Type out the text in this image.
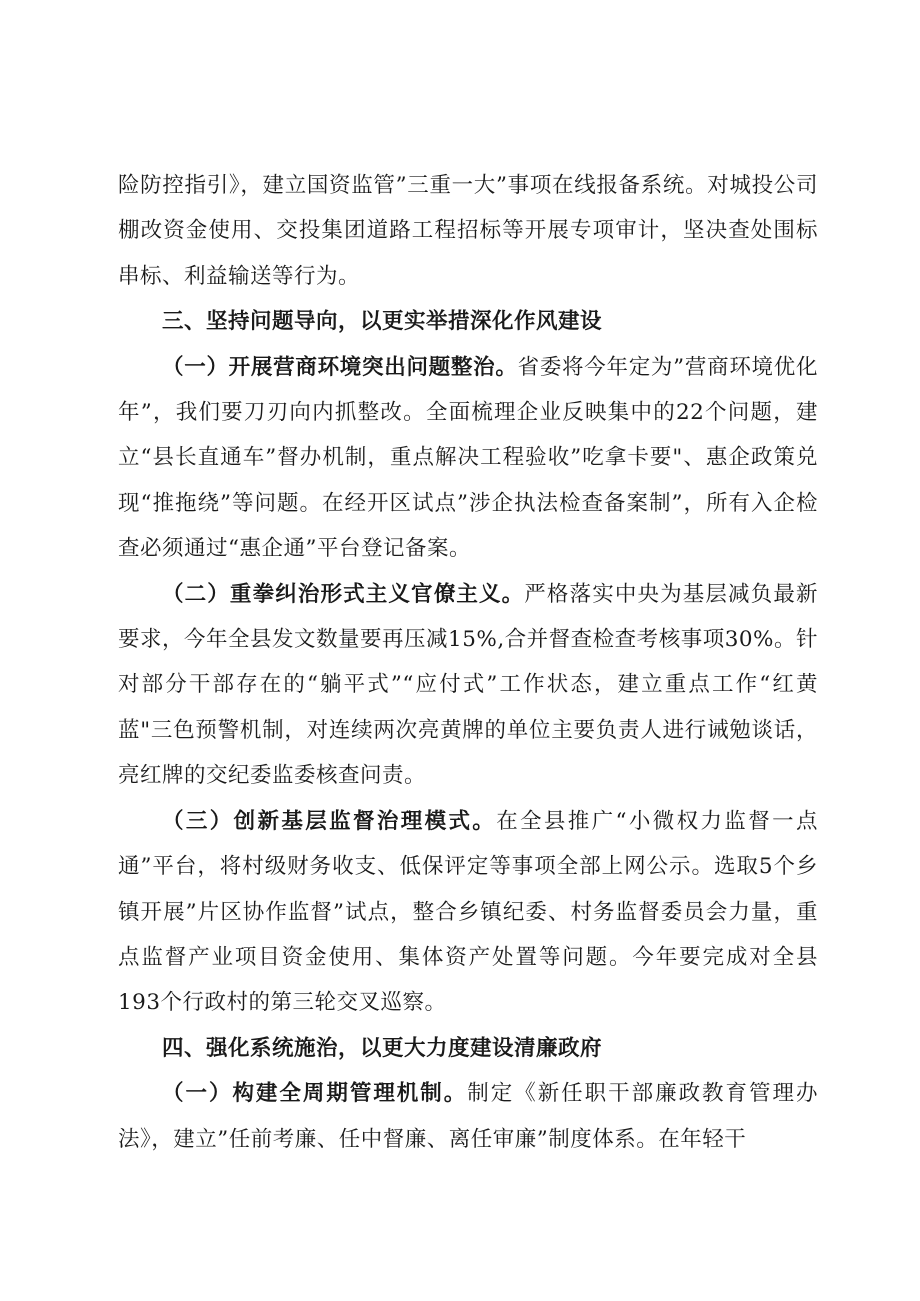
险防控指引》，建立国资监管”三重一大”事项在线报备系统。对城投公司棚改资金使用、交投集团道路工程招标等开展专项审计，坚决查处围标串标、利益输送等行为。

三、坚持问题导向，以更实举措深化作风建设

（一）开展营商环境突出问题整治。省委将今年定为”营商环境优化年”，我们要刀刃向内抓整改。全面梳理企业反映集中的22个问题，建立“县长直通车”督办机制，重点解决工程验收”吃拿卡要"、惠企政策兑现“推拖绕”等问题。在经开区试点”涉企执法检查备案制”，所有入企检查必须通过“惠企通”平台登记备案。

（二）重拳纠治形式主义官僚主义。严格落实中央为基层减负最新要求，今年全县发文数量要再压减15%,合并督查检查考核事项30%。针对部分干部存在的“躺平式”“应付式”工作状态，建立重点工作“红黄蓝"三色预警机制，对连续两次亮黄牌的单位主要负责人进行诫勉谈话，亮红牌的交纪委监委核查问责。

（三）创新基层监督治理模式。在全县推广“小微权力监督一点通”平台，将村级财务收支、低保评定等事项全部上网公示。选取5个乡镇开展”片区协作监督”试点，整合乡镇纪委、村务监督委员会力量，重点监督产业项目资金使用、集体资产处置等问题。今年要完成对全县193个行政村的第三轮交叉巡察。

四、强化系统施治，以更大力度建设清廉政府

（一）构建全周期管理机制。制定《新任职干部廉政教育管理办法》，建立”任前考廉、任中督廉、离任审廉”制度体系。在年轻干
